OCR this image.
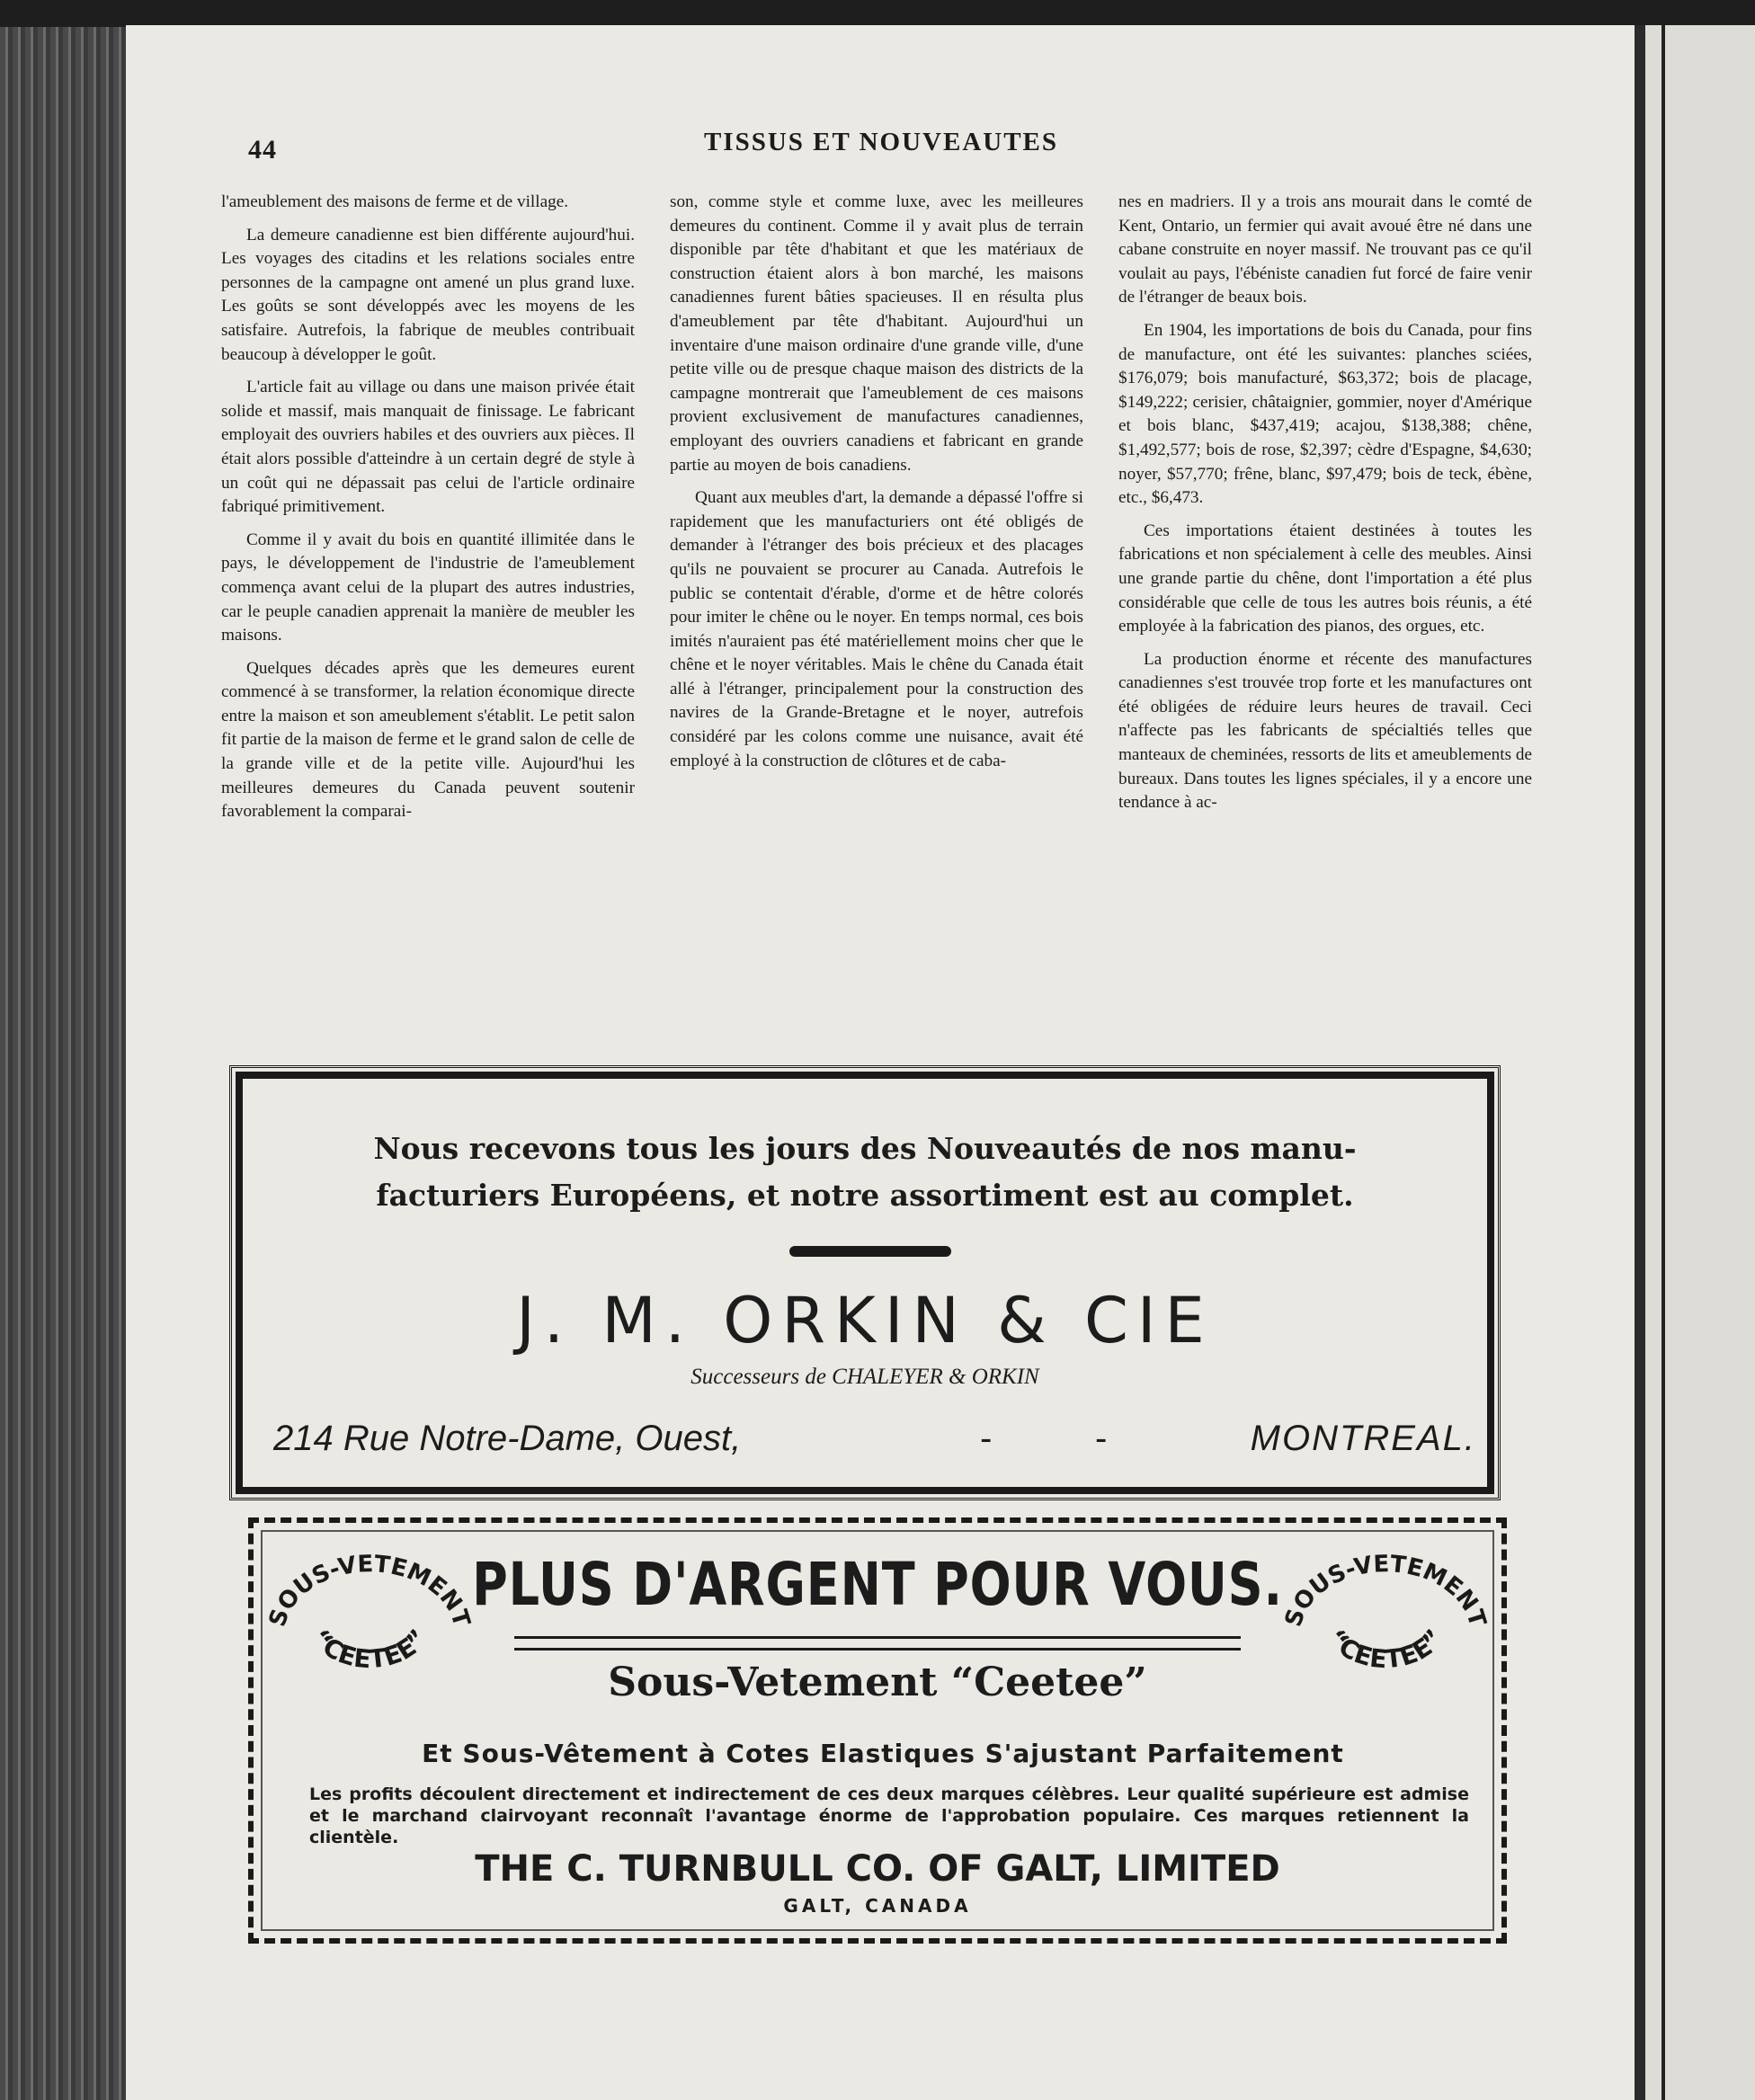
44	TISSUS ET NOUVEAUTES

l'ameublement des maisons de ferme et de village.

La demeure canadienne est bien différente aujourd'hui. Les voyages des citadins et les relations sociales entre personnes de la campagne ont amené un plus grand luxe. Les goûts se sont développés avec les moyens de les satisfaire. Autrefois, la fabrique de meubles contribuait beaucoup à développer le goût.

L'article fait au village ou dans une maison privée était solide et massif, mais manquait de finissage. Le fabricant employait des ouvriers habiles et des ouvriers aux pièces. Il était alors possible d'atteindre à un certain degré de style à un coût qui ne dépassait pas celui de l'article ordinaire fabriqué primitivement.

Comme il y avait du bois en quantité illimitée dans le pays, le développement de l'industrie de l'ameublement commença avant celui de la plupart des autres industries, car le peuple canadien apprenait la manière de meubler les maisons.

Quelques décades après que les demeures eurent commencé à se transformer, la relation économique directe entre la maison et son ameublement s'établit. Le petit salon fit partie de la maison de ferme et le grand salon de celle de la grande ville et de la petite ville. Aujourd'hui les meilleures demeures du Canada peuvent soutenir favorablement la comparai-

son, comme style et comme luxe, avec les meilleures demeures du continent. Comme il y avait plus de terrain disponible par tête d'habitant et que les matériaux de construction étaient alors à bon marché, les maisons canadiennes furent bâties spacieuses. Il en résulta plus d'ameublement par tête d'habitant. Aujourd'hui un inventaire d'une maison ordinaire d'une grande ville, d'une petite ville ou de presque chaque maison des districts de la campagne montrerait que l'ameublement de ces maisons provient exclusivement de manufactures canadiennes, employant des ouvriers canadiens et fabricant en grande partie au moyen de bois canadiens.

Quant aux meubles d'art, la demande a dépassé l'offre si rapidement que les manufacturiers ont été obligés de demander à l'étranger des bois précieux et des placages qu'ils ne pouvaient se procurer au Canada. Autrefois le public se contentait d'érable, d'orme et de hêtre colorés pour imiter le chêne ou le noyer. En temps normal, ces bois imités n'auraient pas été matériellement moins cher que le chêne et le noyer véritables. Mais le chêne du Canada était allé à l'étranger, principalement pour la construction des navires de la Grande-Bretagne et le noyer, autrefois considéré par les colons comme une nuisance, avait été employé à la construction de clôtures et de caba-

nes en madriers. Il y a trois ans mourait dans le comté de Kent, Ontario, un fermier qui avait avoué être né dans une cabane construite en noyer massif. Ne trouvant pas ce qu'il voulait au pays, l'ébéniste canadien fut forcé de faire venir de l'étranger de beaux bois.

En 1904, les importations de bois du Canada, pour fins de manufacture, ont été les suivantes: planches sciées, $176,079; bois manufacturé, $63,372; bois de placage, $149,222; cerisier, châtaignier, gommier, noyer d'Amérique et bois blanc, $437,419; acajou, $138,388; chêne, $1,492,577; bois de rose, $2,397; cèdre d'Espagne, $4,630; noyer, $57,770; frêne, blanc, $97,479; bois de teck, ébène, etc., $6,473.

Ces importations étaient destinées à toutes les fabrications et non spécialement à celle des meubles. Ainsi une grande partie du chêne, dont l'importation a été plus considérable que celle de tous les autres bois réunis, a été employée à la fabrication des pianos, des orgues, etc.

La production énorme et récente des manufactures canadiennes s'est trouvée trop forte et les manufactures ont été obligées de réduire leurs heures de travail. Ceci n'affecte pas les fabricants de spécialtiés telles que manteaux de cheminées, ressorts de lits et ameublements de bureaux. Dans toutes les lignes spéciales, il y a encore une tendance à ac-

Nous recevons tous les jours des Nouveautés de nos manu-
facturiers Européens, et notre assortiment est au complet.
J. M. ORKIN & CIE
Successeurs de CHALEYER & ORKIN
214 Rue Notre-Dame, Ouest,	-	-	MONTREAL.
SOUS-VETEMENT
“CEETEE”
SOUS-VETEMENT
“CEETEE”
PLUS D'ARGENT POUR VOUS.
Sous-Vetement “Ceetee”
Et Sous-Vêtement à Cotes Elastiques S'ajustant Parfaitement
Les profits découlent directement et indirectement de ces deux marques célèbres. Leur qualité supérieure est admise et le marchand clairvoyant reconnaît l'avantage énorme de l'approbation populaire. Ces marques retiennent la clientèle.
THE C. TURNBULL CO. OF GALT, LIMITED
GALT, CANADA
